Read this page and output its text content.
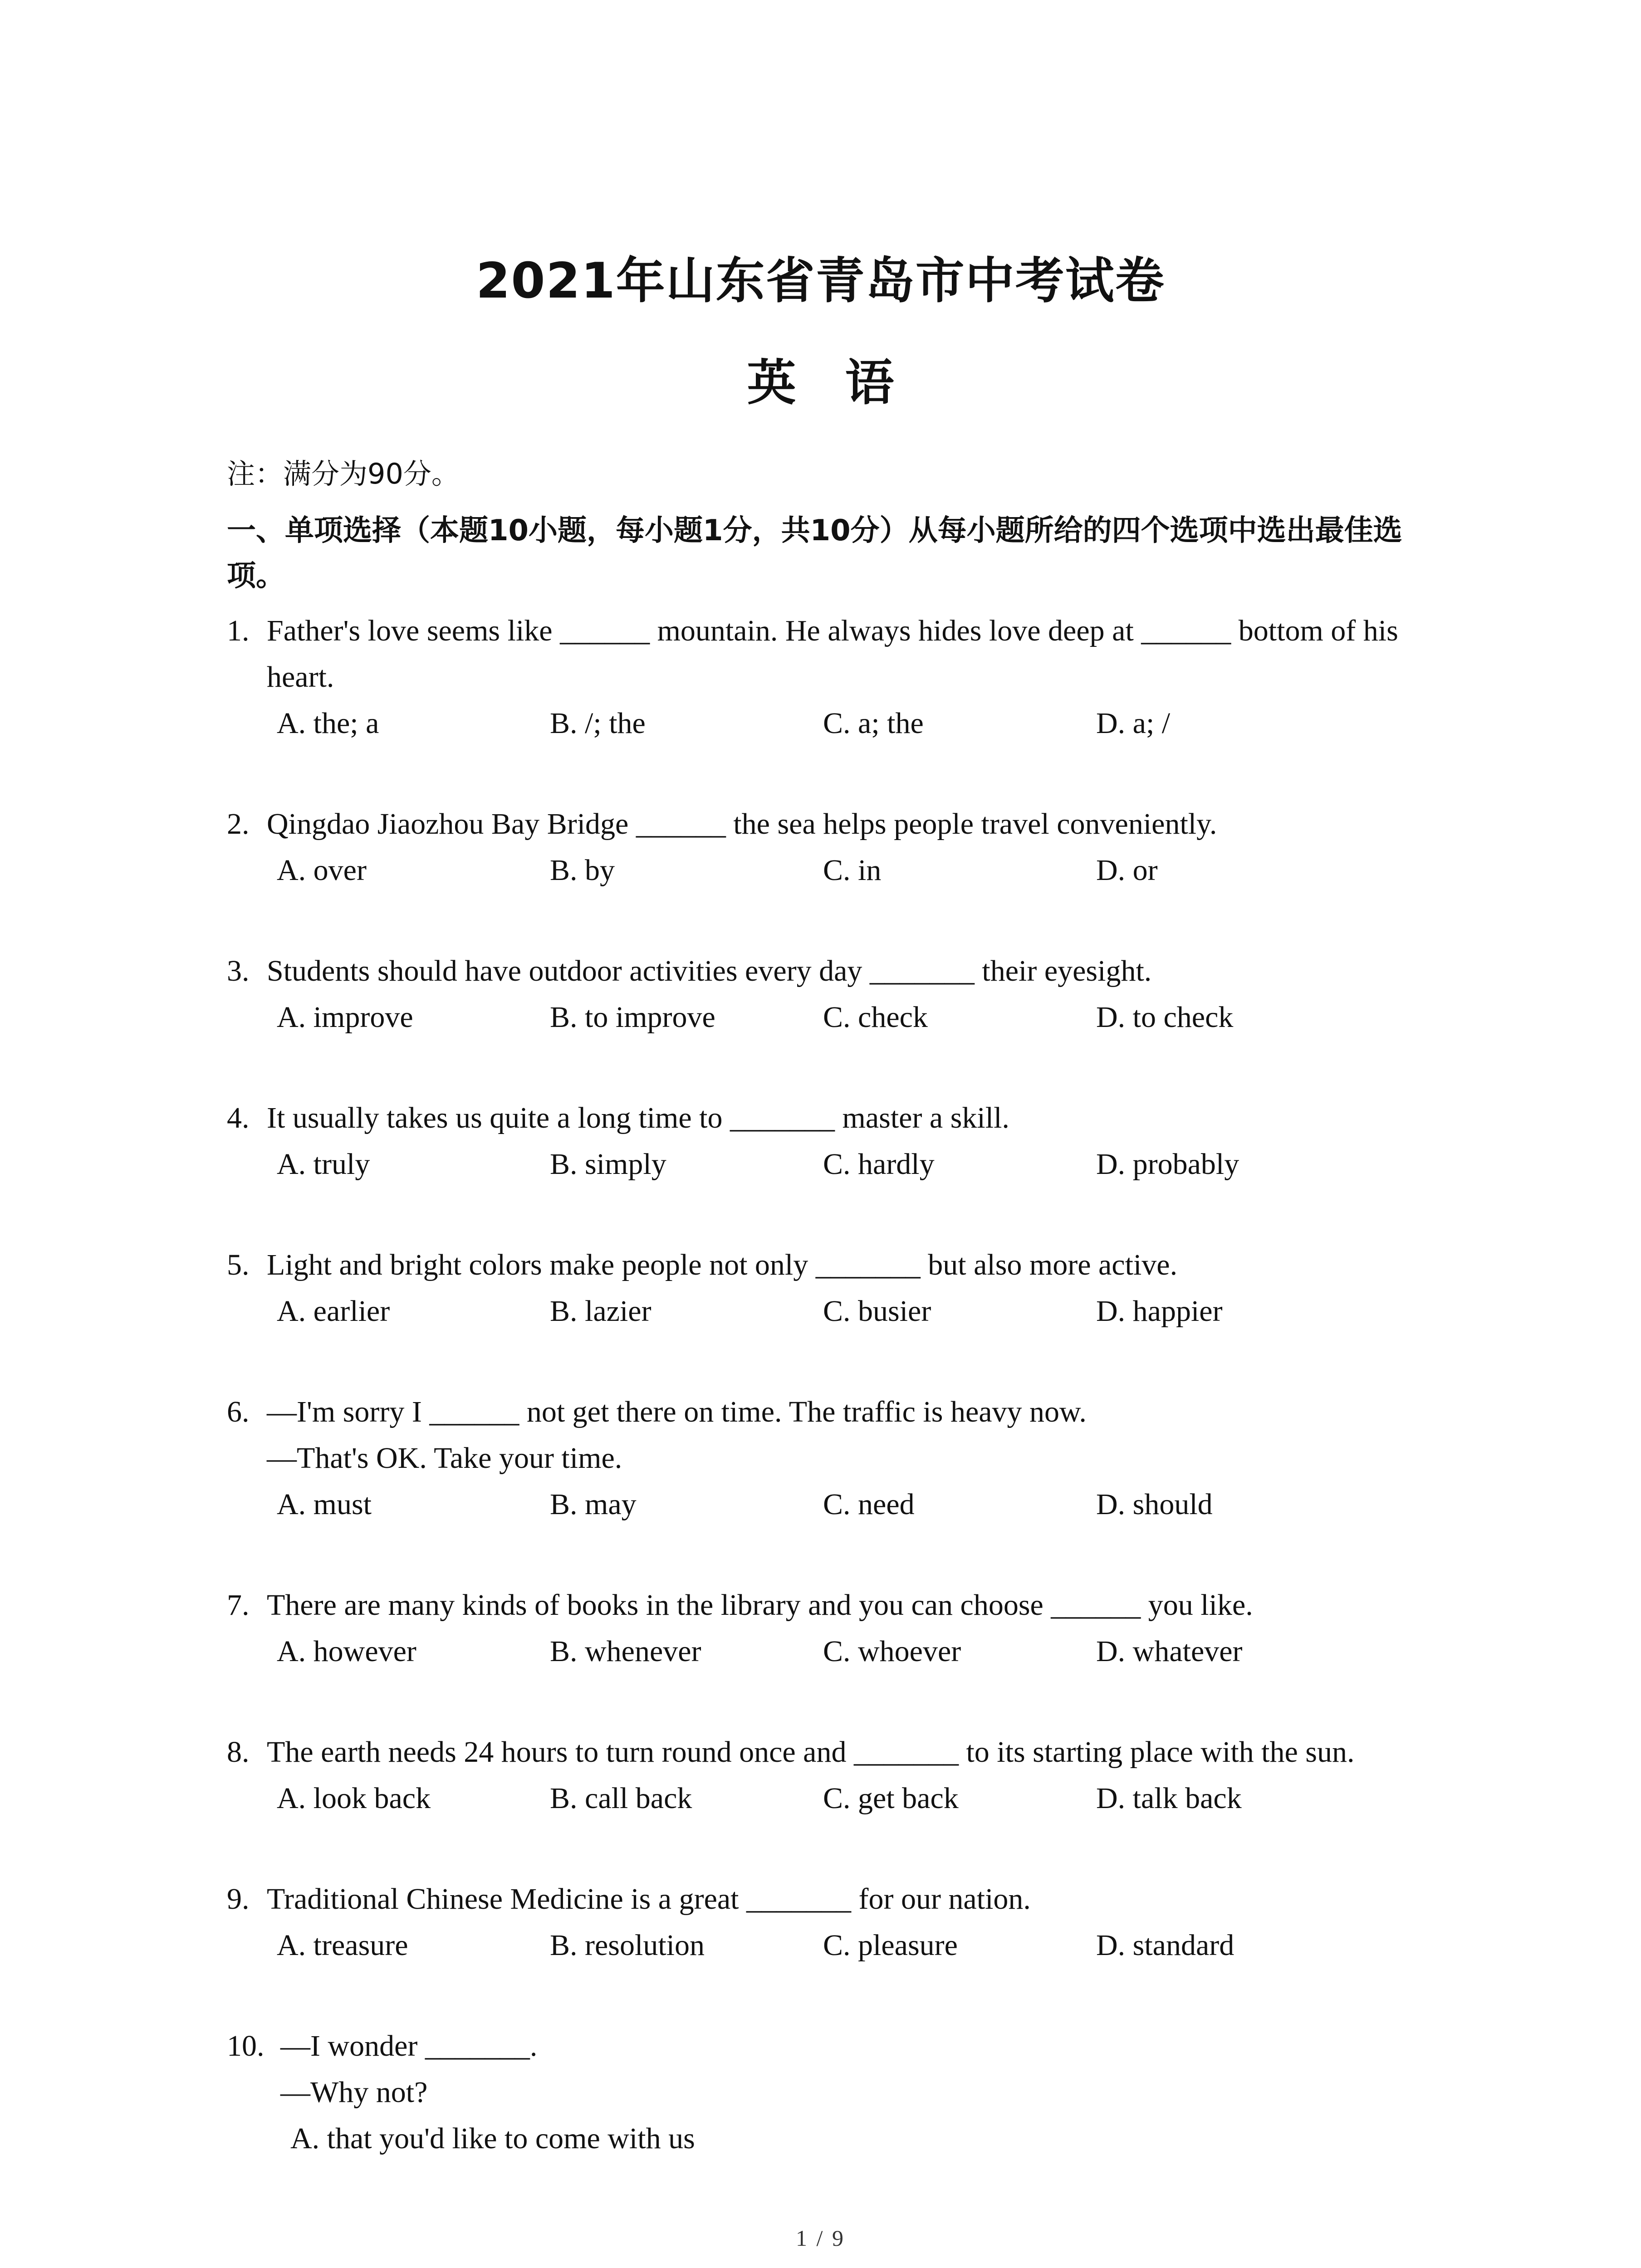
2021年山东省青岛市中考试卷
英　语
注：满分为90分。
一、单项选择（本题10小题，每小题1分，共10分）从每小题所给的四个选项中选出最佳选项。
1. Father's love seems like ______ mountain. He always hides love deep at ______ bottom of his
heart.
A. the; a	B. /; the	C. a; the	D. a; /
2. Qingdao Jiaozhou Bay Bridge ______ the sea helps people travel conveniently.
A. over	B. by	C. in	D. or
3. Students should have outdoor activities every day _______ their eyesight.
A. improve	B. to improve	C. check	D. to check
4. It usually takes us quite a long time to _______ master a skill.
A. truly	B. simply	C. hardly	D. probably
5. Light and bright colors make people not only _______ but also more active.
A. earlier	B. lazier	C. busier	D. happier
6. —I'm sorry I ______ not get there on time. The traffic is heavy now.
—That's OK. Take your time.
A. must	B. may	C. need	D. should
7. There are many kinds of books in the library and you can choose ______ you like.
A. however	B. whenever	C. whoever	D. whatever
8. The earth needs 24 hours to turn round once and _______ to its starting place with the sun.
A. look back	B. call back	C. get back	D. talk back
9. Traditional Chinese Medicine is a great _______ for our nation.
A. treasure	B. resolution	C. pleasure	D. standard
10. —I wonder _______.
—Why not?
A. that you'd like to come with us
1 / 9
